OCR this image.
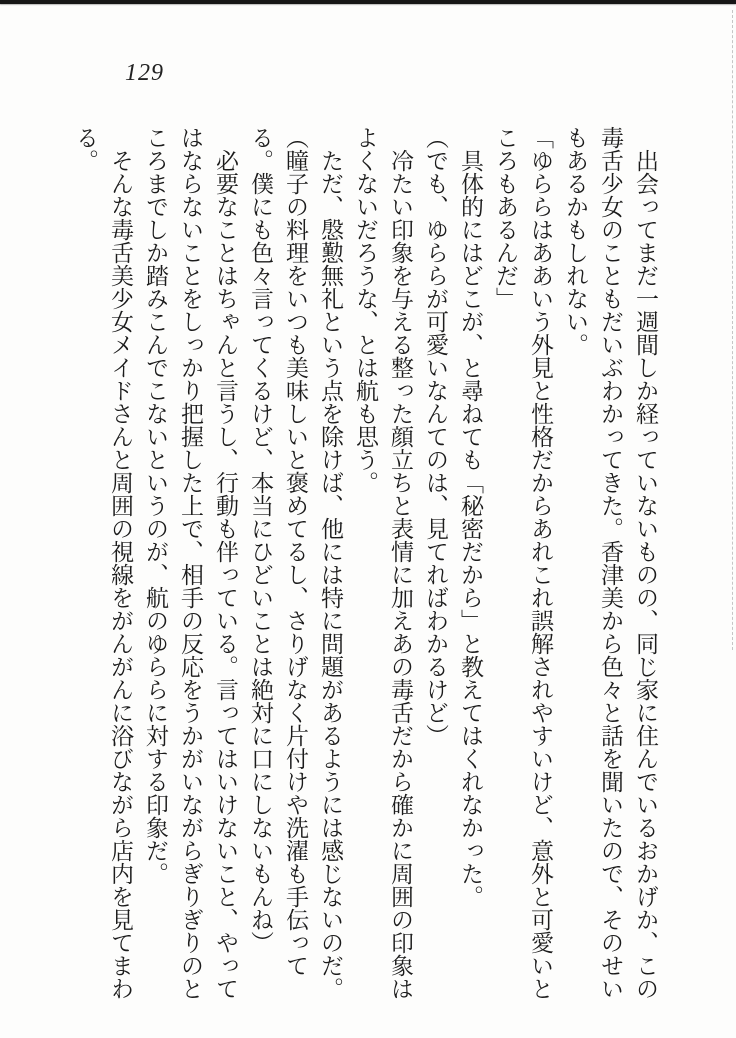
129

出会ってまだ一週間しか経っていないものの、同じ家に住んでいるおかげか、この毒舌少女のこともだいぶわかってきた。香津美から色々と話を聞いたので、そのせいもあるかもしれない。

「ゆららはああいう外見と性格だからあれこれ誤解されやすいけど、意外と可愛いところもあるんだ」

具体的にはどこが、と尋ねても「秘密だから」と教えてはくれなかった。

（でも、ゆららが可愛いなんてのは、見てればわかるけど）

冷たい印象を与える整った顔立ちと表情に加えあの毒舌だから確かに周囲の印象はよくないだろうな、とは航も思う。

ただ、慇懃無礼という点を除けば、他には特に問題があるようには感じないのだ。

（瞳子の料理をいつも美味しいと褒めてるし、さりげなく片付けや洗濯も手伝ってる。僕にも色々言ってくるけど、本当にひどいことは絶対に口にしないもんね）

必要なことはちゃんと言うし、行動も伴っている。言ってはいけないこと、やってはならないことをしっかり把握した上で、相手の反応をうかがいながらぎりぎりのところまでしか踏みこんでこないというのが、航のゆららに対する印象だ。

そんな毒舌美少女メイドさんと周囲の視線をがんがんに浴びながら店内を見てまわる。
